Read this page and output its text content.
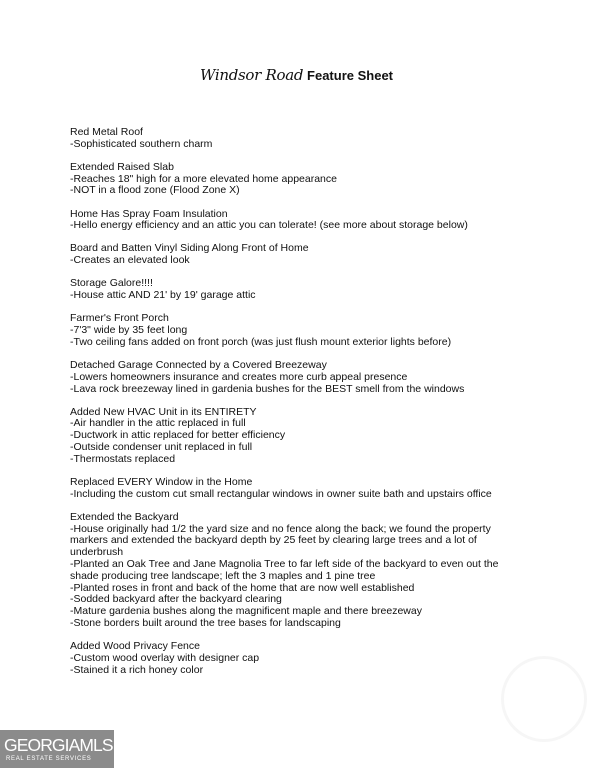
Windsor Road Feature Sheet

Red Metal Roof

-Sophisticated southern charm

Extended Raised Slab

-Reaches 18" high for a more elevated home appearance

-NOT in a flood zone (Flood Zone X)

Home Has Spray Foam Insulation

-Hello energy efficiency and an attic you can tolerate! (see more about storage below)

Board and Batten Vinyl Siding Along Front of Home

-Creates an elevated look

Storage Galore!!!!

-House attic AND 21' by 19' garage attic

Farmer's Front Porch

-7'3" wide by 35 feet long

-Two ceiling fans added on front porch (was just flush mount exterior lights before)

Detached Garage Connected by a Covered Breezeway

-Lowers homeowners insurance and creates more curb appeal presence

-Lava rock breezeway lined in gardenia bushes for the BEST smell from the windows

Added New HVAC Unit in its ENTIRETY

-Air handler in the attic replaced in full

-Ductwork in attic replaced for better efficiency

-Outside condenser unit replaced in full

-Thermostats replaced

Replaced EVERY Window in the Home

-Including the custom cut small rectangular windows in owner suite bath and upstairs office

Extended the Backyard

-House originally had 1/2 the yard size and no fence along the back; we found the property

markers and extended the backyard depth by 25 feet by clearing large trees and a lot of

underbrush

-Planted an Oak Tree and Jane Magnolia Tree to far left side of the backyard to even out the

shade producing tree landscape; left the 3 maples and 1 pine tree

-Planted roses in front and back of the home that are now well established

-Sodded backyard after the backyard clearing

-Mature gardenia bushes along the magnificent maple and there breezeway

-Stone borders built around the tree bases for landscaping

Added Wood Privacy Fence

-Custom wood overlay with designer cap

-Stained it a rich honey color

GEORGIAMLS
REAL ESTATE SERVICES
